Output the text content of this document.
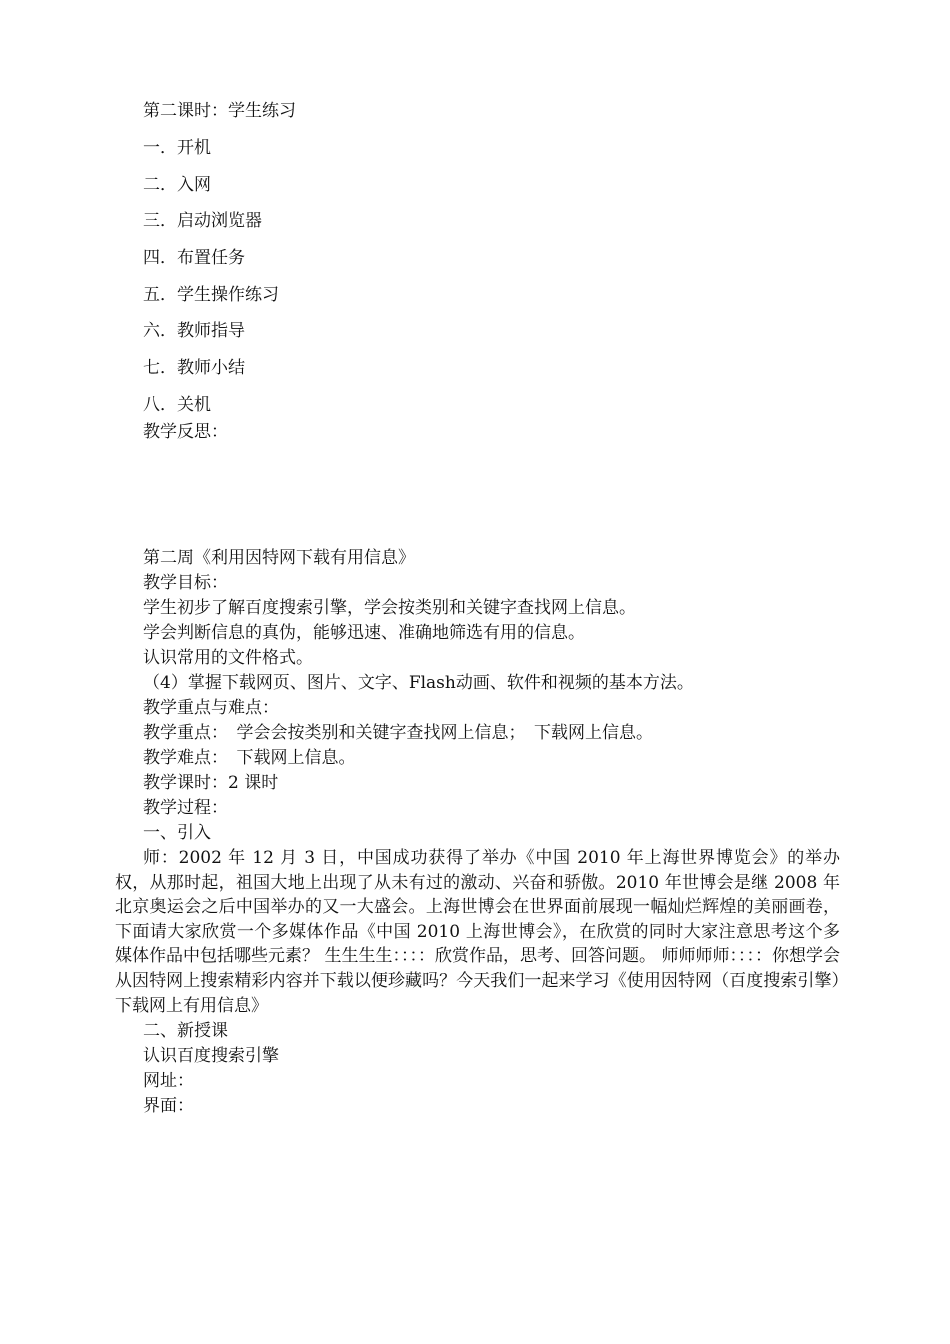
第二课时：学生练习
一．开机
二．入网
三．启动浏览器
四．布置任务
五．学生操作练习
六．教师指导
七．教师小结
八．关机
教学反思：
第二周《利用因特网下载有用信息》
教学目标：
学生初步了解百度搜索引擎，学会按类别和关键字查找网上信息。
学会判断信息的真伪，能够迅速、准确地筛选有用的信息。
认识常用的文件格式。
（4）掌握下载网页、图片、文字、Flash动画、软件和视频的基本方法。
教学重点与难点：
教学重点：　学会会按类别和关键字查找网上信息；　下载网上信息。
教学难点：　下载网上信息。
教学课时：2 课时
教学过程：
一、引入

师：2002 年 12 月 3 日，中国成功获得了举办《中国 2010 年上海世界博览会》的举办权，从那时起，祖国大地上出现了从未有过的激动、兴奋和骄傲。2010 年世博会是继 2008 年北京奥运会之后中国举办的又一大盛会。上海世博会在世界面前展现一幅灿烂辉煌的美丽画卷，下面请大家欣赏一个多媒体作品《中国 2010 上海世博会》，在欣赏的同时大家注意思考这个多媒体作品中包括哪些元素？ 生生生生：：：：欣赏作品，思考、回答问题。 师师师师：：：：你想学会从因特网上搜索精彩内容并下载以便珍藏吗？今天我们一起来学习《使用因特网（百度搜索引擎）下载网上有用信息》

二、新授课
认识百度搜索引擎
网址：
界面：
